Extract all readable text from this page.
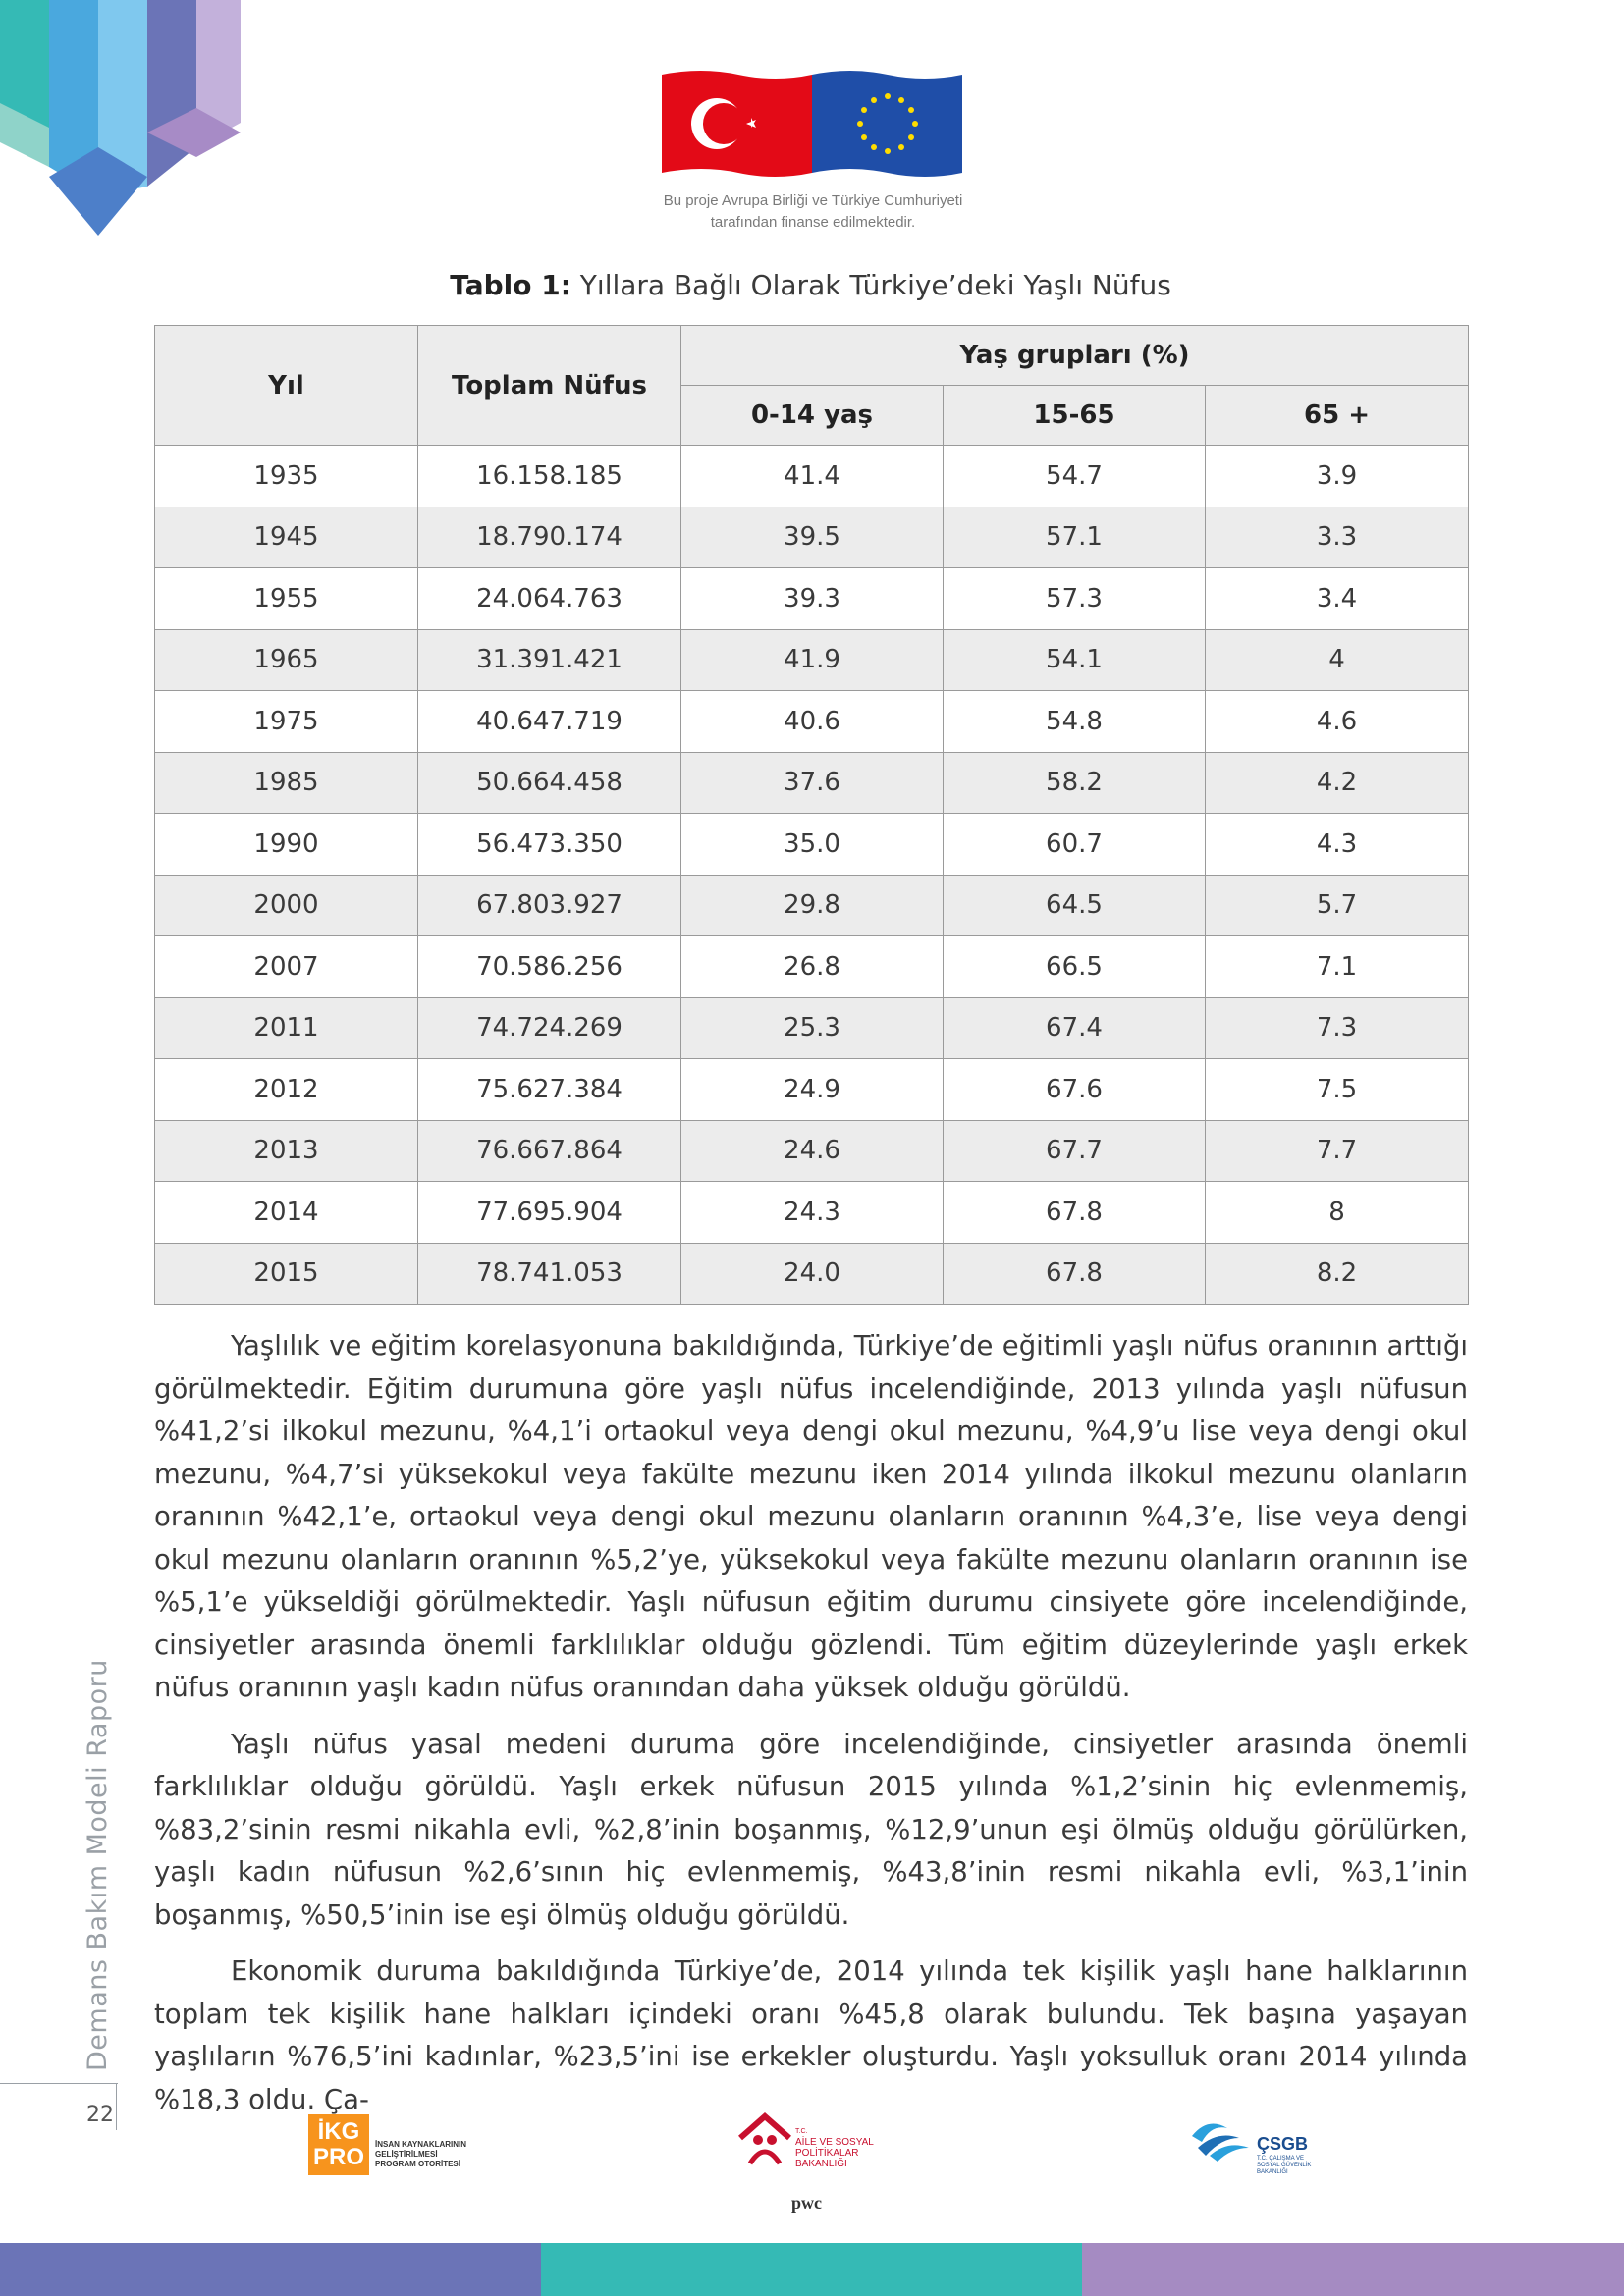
Bu proje Avrupa Birliği ve Türkiye Cumhuriyeti
tarafından finanse edilmektedir.
Tablo 1: Yıllara Bağlı Olarak Türkiye’deki Yaşlı Nüfus
Yıl	Toplam Nüfus	Yaş grupları (%)		
		0-14 yaş	15-65	65 +
1935	16.158.185	41.4	54.7	3.9
1945	18.790.174	39.5	57.1	3.3
1955	24.064.763	39.3	57.3	3.4
1965	31.391.421	41.9	54.1	4
1975	40.647.719	40.6	54.8	4.6
1985	50.664.458	37.6	58.2	4.2
1990	56.473.350	35.0	60.7	4.3
2000	67.803.927	29.8	64.5	5.7
2007	70.586.256	26.8	66.5	7.1
2011	74.724.269	25.3	67.4	7.3
2012	75.627.384	24.9	67.6	7.5
2013	76.667.864	24.6	67.7	7.7
2014	77.695.904	24.3	67.8	8
2015	78.741.053	24.0	67.8	8.2

Yaşlılık ve eğitim korelasyonuna bakıldığında, Türkiye’de eğitimli yaşlı nüfus oranının arttığı görülmektedir. Eğitim durumuna göre yaşlı nüfus incelendiğinde, 2013 yılında yaşlı nüfusun %41,2’si ilkokul mezunu, %4,1’i ortaokul veya dengi okul mezunu, %4,9’u lise veya dengi okul mezunu, %4,7’si yüksekokul veya fakülte mezunu iken 2014 yılında ilkokul mezunu olanların oranının %42,1’e, ortaokul veya dengi okul mezunu olanların oranının %4,3’e, lise veya dengi okul mezunu olanların oranının %5,2’ye, yüksekokul veya fakülte mezunu olanların oranının ise %5,1’e yükseldiği görülmektedir. Yaşlı nüfusun eğitim durumu cinsiyete göre incelendiğinde, cinsiyetler arasında önemli farklılıklar olduğu gözlendi. Tüm eğitim düzeylerinde yaşlı erkek nüfus oranının yaşlı kadın nüfus oranından daha yüksek olduğu görüldü.

Yaşlı nüfus yasal medeni duruma göre incelendiğinde, cinsiyetler arasında önemli farklılıklar olduğu görüldü. Yaşlı erkek nüfusun 2015 yılında %1,2’sinin hiç evlenmemiş, %83,2’sinin resmi nikahla evli, %2,8’inin boşanmış, %12,9’unun eşi ölmüş olduğu görülürken, yaşlı kadın nüfusun %2,6’sının hiç evlenmemiş, %43,8’inin resmi nikahla evli, %3,1’inin boşanmış, %50,5’inin ise eşi ölmüş olduğu görüldü.

Ekonomik duruma bakıldığında Türkiye’de, 2014 yılında tek kişilik yaşlı hane halklarının toplam tek kişilik hane halkları içindeki oranı %45,8 olarak bulundu. Tek başına yaşayan yaşlıların %76,5’ini kadınlar, %23,5’ini ise erkekler oluşturdu. Yaşlı yoksulluk oranı 2014 yılında %18,3 oldu. Ça-

Demans Bakım Modeli Raporu
22
İKG
PRO	İNSAN KAYNAKLARININ GELİŞTİRİLMESİ PROGRAM OTORİTESİ
T.C.
AİLE VE SOSYAL POLİTİKALAR BAKANLIĞI
pwc
ÇSGB
T.C. ÇALIŞMA VE SOSYAL GÜVENLİK BAKANLIĞI
